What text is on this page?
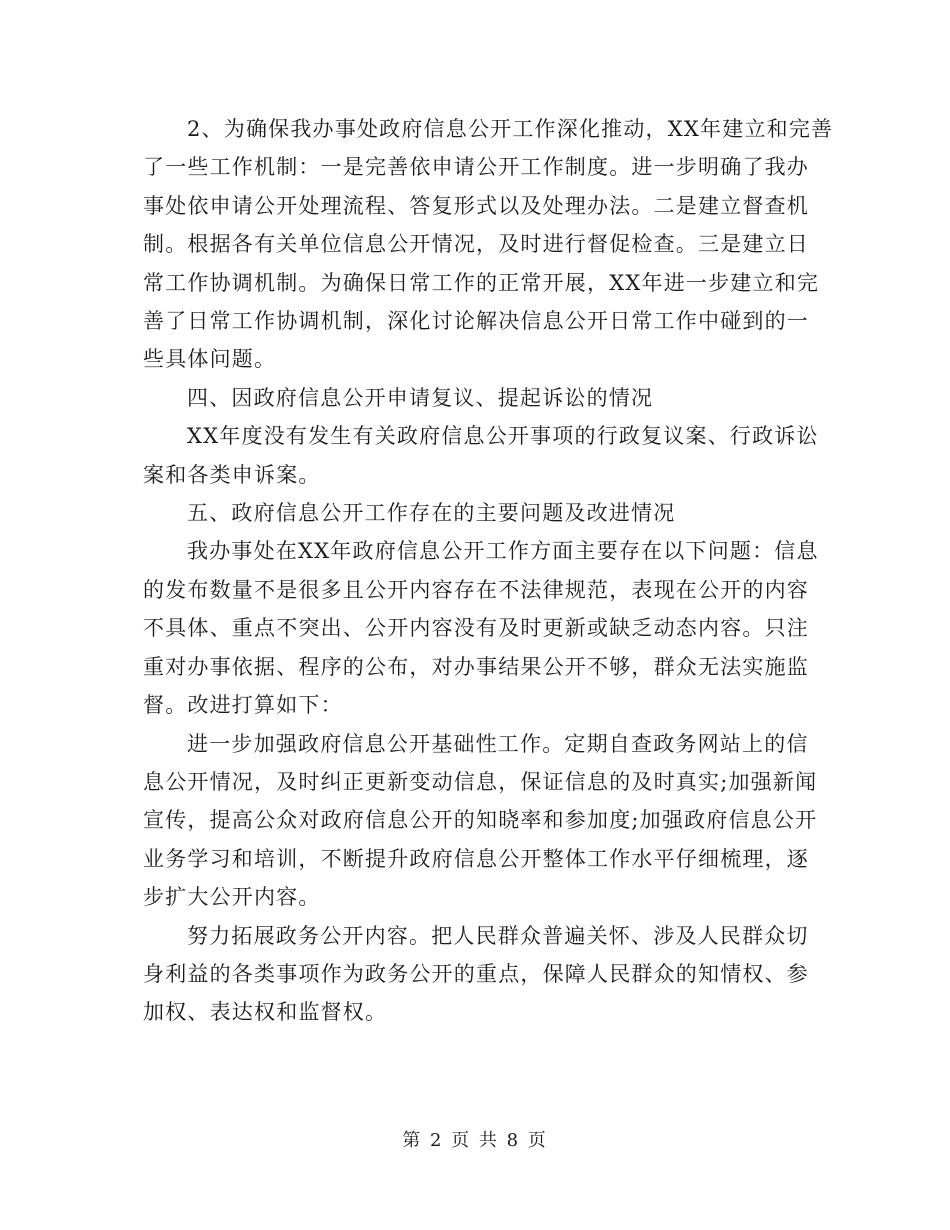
2、为确保我办事处政府信息公开工作深化推动，XX年建立和完善
了一些工作机制：一是完善依申请公开工作制度。进一步明确了我办
事处依申请公开处理流程、答复形式以及处理办法。二是建立督查机
制。根据各有关单位信息公开情况，及时进行督促检查。三是建立日
常工作协调机制。为确保日常工作的正常开展，XX年进一步建立和完
善了日常工作协调机制，深化讨论解决信息公开日常工作中碰到的一
些具体问题。

四、因政府信息公开申请复议、提起诉讼的情况

XX年度没有发生有关政府信息公开事项的行政复议案、行政诉讼
案和各类申诉案。

五、政府信息公开工作存在的主要问题及改进情况

我办事处在XX年政府信息公开工作方面主要存在以下问题：信息
的发布数量不是很多且公开内容存在不法律规范，表现在公开的内容
不具体、重点不突出、公开内容没有及时更新或缺乏动态内容。只注
重对办事依据、程序的公布，对办事结果公开不够，群众无法实施监
督。改进打算如下：

进一步加强政府信息公开基础性工作。定期自查政务网站上的信
息公开情况，及时纠正更新变动信息，保证信息的及时真实;加强新闻
宣传，提高公众对政府信息公开的知晓率和参加度;加强政府信息公开
业务学习和培训，不断提升政府信息公开整体工作水平仔细梳理，逐
步扩大公开内容。

努力拓展政务公开内容。把人民群众普遍关怀、涉及人民群众切
身利益的各类事项作为政务公开的重点，保障人民群众的知情权、参
加权、表达权和监督权。

第 2 页 共 8 页
